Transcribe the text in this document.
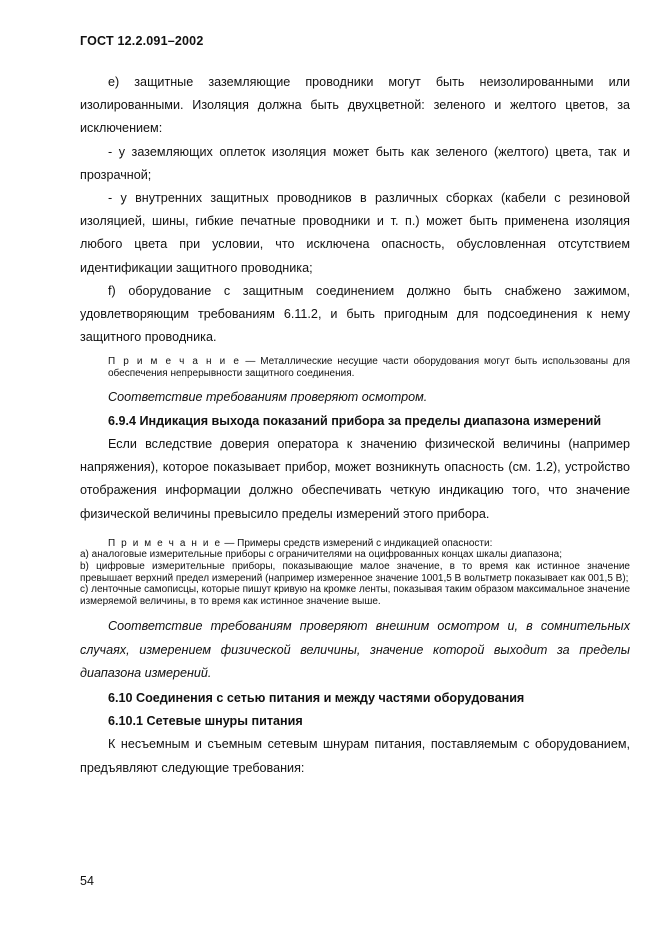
ГОСТ 12.2.091–2002

e) защитные заземляющие проводники могут быть неизолированными или изолированными. Изоляция должна быть двухцветной: зеленого и желтого цветов, за исключением:

- у заземляющих оплеток изоляция может быть как зеленого (желтого) цвета, так и прозрачной;

- у внутренних защитных проводников в различных сборках (кабели с резиновой изоляцией, шины, гибкие печатные проводники и т. п.) может быть применена изоляция любого цвета при условии, что исключена опасность, обусловленная отсутствием идентификации защитного проводника;

f) оборудование с защитным соединением должно быть снабжено зажимом, удовлетворяющим требованиям 6.11.2, и быть пригодным для подсоединения к нему защитного проводника.

П р и м е ч а н и е — Металлические несущие части оборудования могут быть использованы для обеспечения непрерывности защитного соединения.

Соответствие требованиям проверяют осмотром.

6.9.4 Индикация выхода показаний прибора за пределы диапазона измерений

Если вследствие доверия оператора к значению физической величины (например напряжения), которое показывает прибор, может возникнуть опасность (см. 1.2), устройство отображения информации должно обеспечивать четкую индикацию того, что значение физической величины превысило пределы измерений этого прибора.

П р и м е ч а н и е — Примеры средств измерений с индикацией опасности:

а) аналоговые измерительные приборы с ограничителями на оцифрованных концах шкалы диапазона;

b) цифровые измерительные приборы, показывающие малое значение, в то время как истинное значение превышает верхний предел измерений (например измеренное значение 1001,5 В вольтметр показывает как 001,5 В);

с) ленточные самописцы, которые пишут кривую на кромке ленты, показывая таким образом максимальное значение измеряемой величины, в то время как истинное значение выше.

Соответствие требованиям проверяют внешним осмотром и, в сомнительных случаях, измерением физической величины, значение которой выходит за пределы диапазона измерений.

6.10 Соединения с сетью питания и между частями оборудования

6.10.1 Сетевые шнуры питания

К несъемным и съемным сетевым шнурам питания, поставляемым с оборудованием, предъявляют следующие требования:

54
